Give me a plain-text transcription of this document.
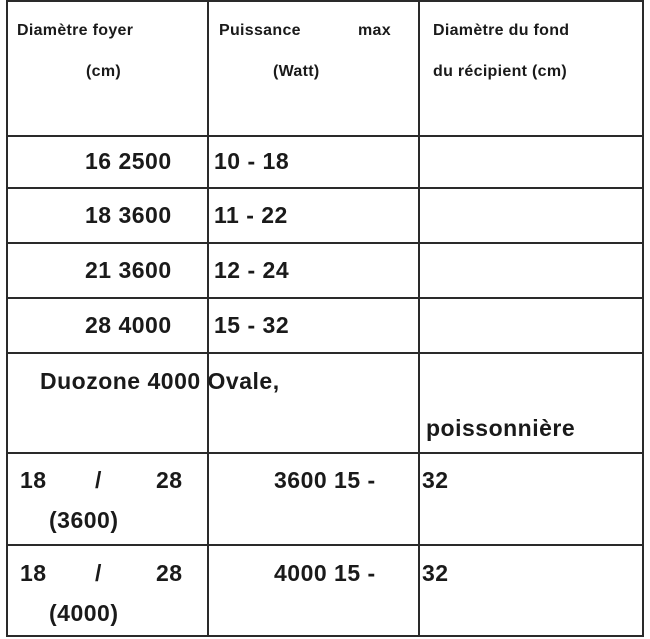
Diamètre foyer
(cm)
Puissance	max
(Watt)
Diamètre du fond
du récipient (cm)
16 2500 10 - 18
18 3600 11 - 22
21 3600 12 - 24
28 4000 15 - 32
Duozone 4000 Ovale,
poissonnière
18 / 28
(3600)
3600 15 - 32
18 / 28
(4000)
4000 15 - 32
